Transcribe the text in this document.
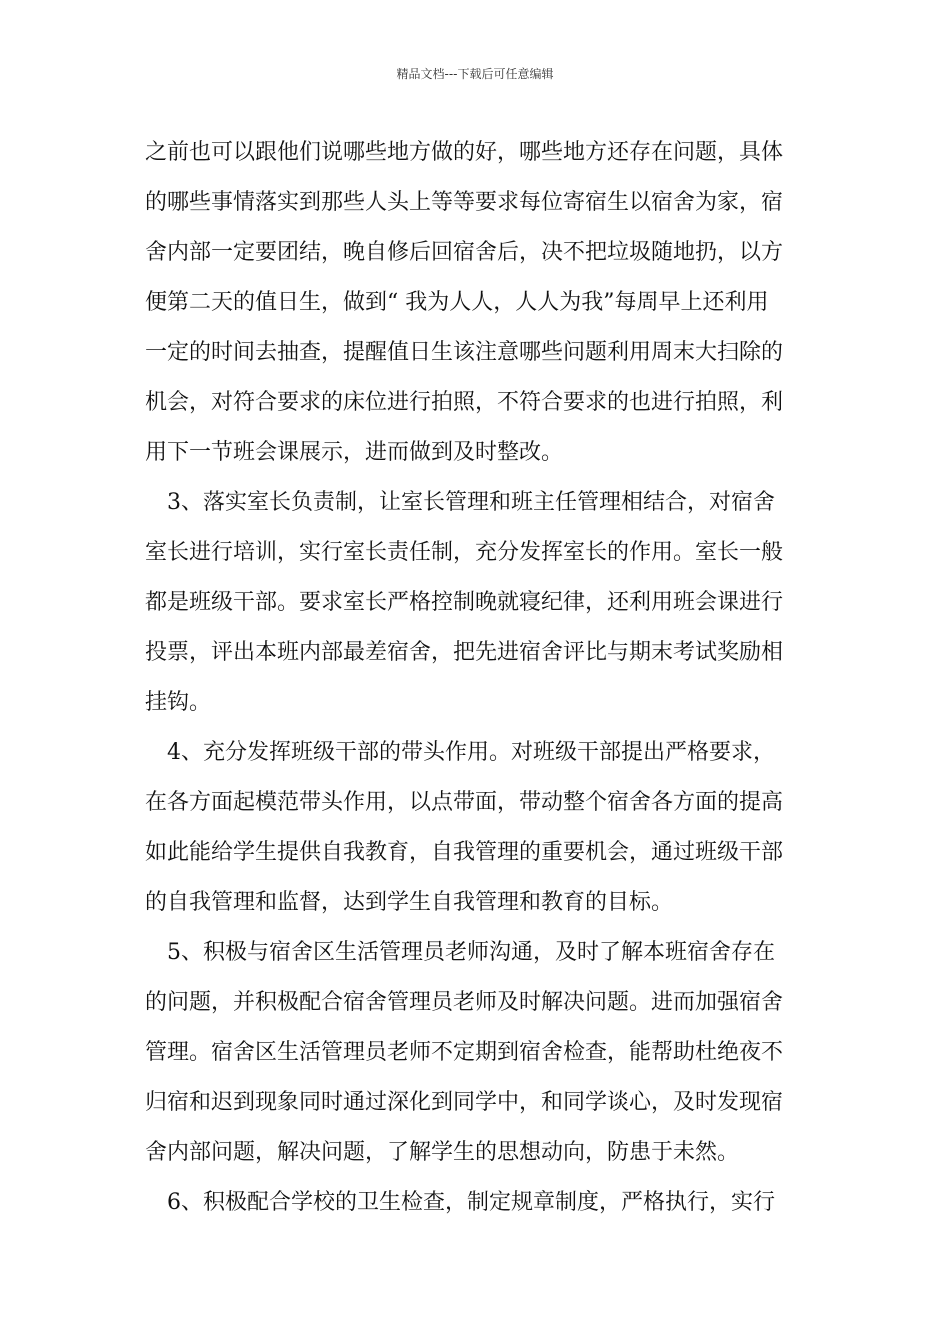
精品文档---下载后可任意编辑
之前也可以跟他们说哪些地方做的好，哪些地方还存在问题，具体
的哪些事情落实到那些人头上等等要求每位寄宿生以宿舍为家，宿
舍内部一定要团结，晚自修后回宿舍后，决不把垃圾随地扔，以方
便第二天的值日生，做到“ 我为人人，人人为我”每周早上还利用
一定的时间去抽查，提醒值日生该注意哪些问题利用周末大扫除的
机会，对符合要求的床位进行拍照，不符合要求的也进行拍照，利
用下一节班会课展示，进而做到及时整改。
　3、落实室长负责制，让室长管理和班主任管理相结合，对宿舍
室长进行培训，实行室长责任制，充分发挥室长的作用。室长一般
都是班级干部。要求室长严格控制晚就寝纪律，还利用班会课进行
投票，评出本班内部最差宿舍，把先进宿舍评比与期末考试奖励相
挂钩。
　4、充分发挥班级干部的带头作用。对班级干部提出严格要求，
在各方面起模范带头作用，以点带面，带动整个宿舍各方面的提高
如此能给学生提供自我教育，自我管理的重要机会，通过班级干部
的自我管理和监督，达到学生自我管理和教育的目标。
　5、积极与宿舍区生活管理员老师沟通，及时了解本班宿舍存在
的问题，并积极配合宿舍管理员老师及时解决问题。进而加强宿舍
管理。宿舍区生活管理员老师不定期到宿舍检查，能帮助杜绝夜不
归宿和迟到现象同时通过深化到同学中，和同学谈心，及时发现宿
舍内部问题，解决问题，了解学生的思想动向，防患于未然。
　6、积极配合学校的卫生检查，制定规章制度，严格执行，实行
